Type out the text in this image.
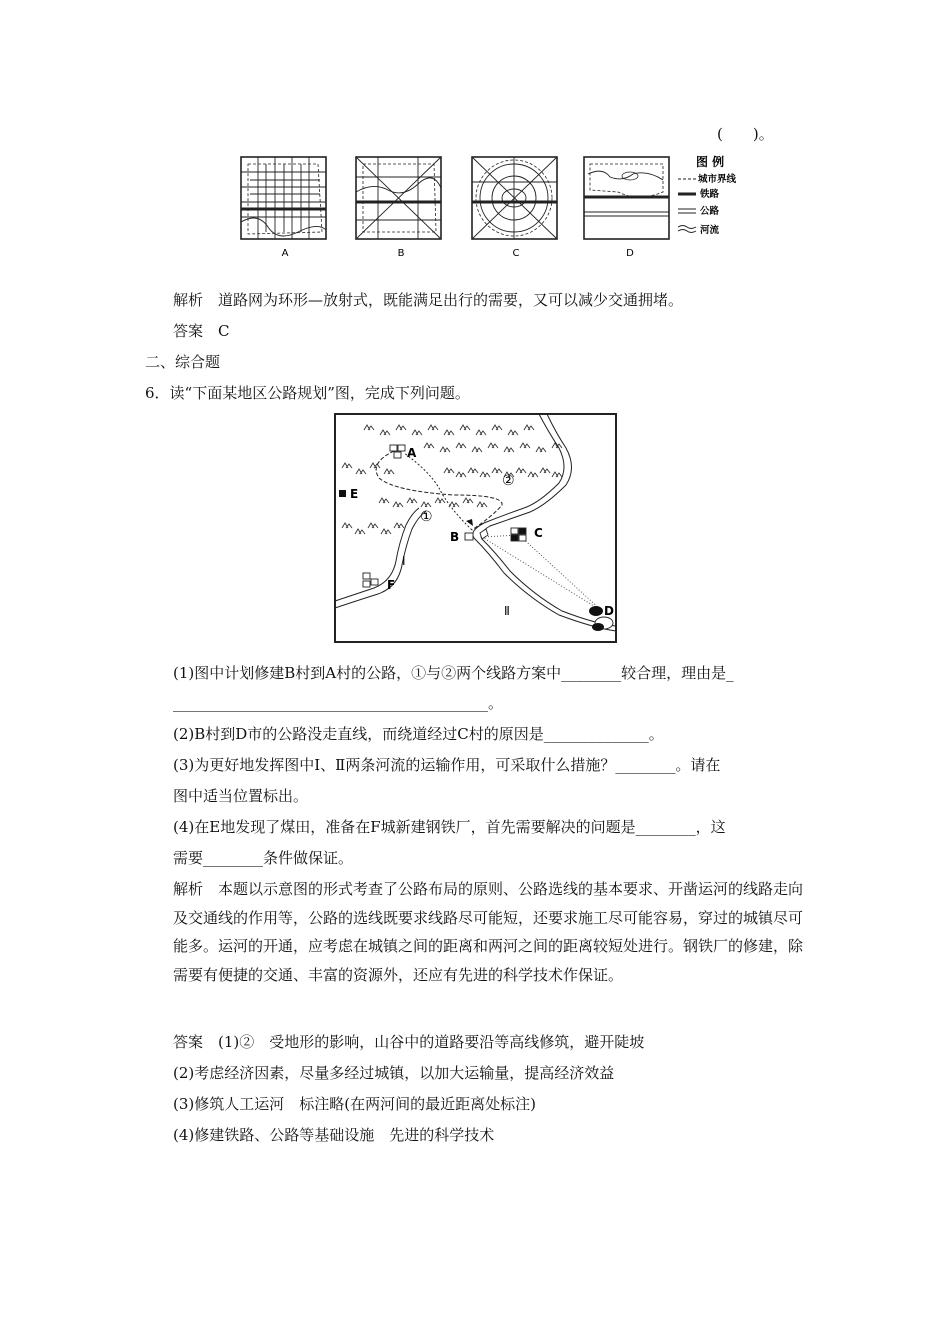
(　　)。
A	B	C	D
图 例
城市界线
铁路
公路
河流
解析　 道路网为环形—放射式，既能满足出行的需要，又可以减少交通拥堵。
答案　 C
二、综合题
6．读“下面某地区公路规划”图，完成下列问题。
A
E
B	C
F
D
①
②
Ⅰ
Ⅱ
(1)图中计划修建B村到A村的公路，①与②两个线路方案中________较合理，理由是_
__________________________________________。
(2)B村到D市的公路没走直线，而绕道经过C村的原因是______________。
(3)为更好地发挥图中Ⅰ、Ⅱ两条河流的运输作用，可采取什么措施？________。请在
图中适当位置标出。
(4)在E地发现了煤田，准备在F城新建钢铁厂，首先需要解决的问题是________，这
需要________条件做保证。
解析　 本题以示意图的形式考查了公路布局的原则、公路选线的基本要求、开凿运河的线路走向及交通线的作用等，公路的选线既要求线路尽可能短，还要求施工尽可能容易，穿过的城镇尽可能多。运河的开通，应考虑在城镇之间的距离和两河之间的距离较短处进行。钢铁厂的修建，除需要有便捷的交通、丰富的资源外，还应有先进的科学技术作保证。
答案　 (1)②　受地形的影响，山谷中的道路要沿等高线修筑，避开陡坡
(2)考虑经济因素，尽量多经过城镇，以加大运输量，提高经济效益
(3)修筑人工运河　标注略(在两河间的最近距离处标注)
(4)修建铁路、公路等基础设施　先进的科学技术
